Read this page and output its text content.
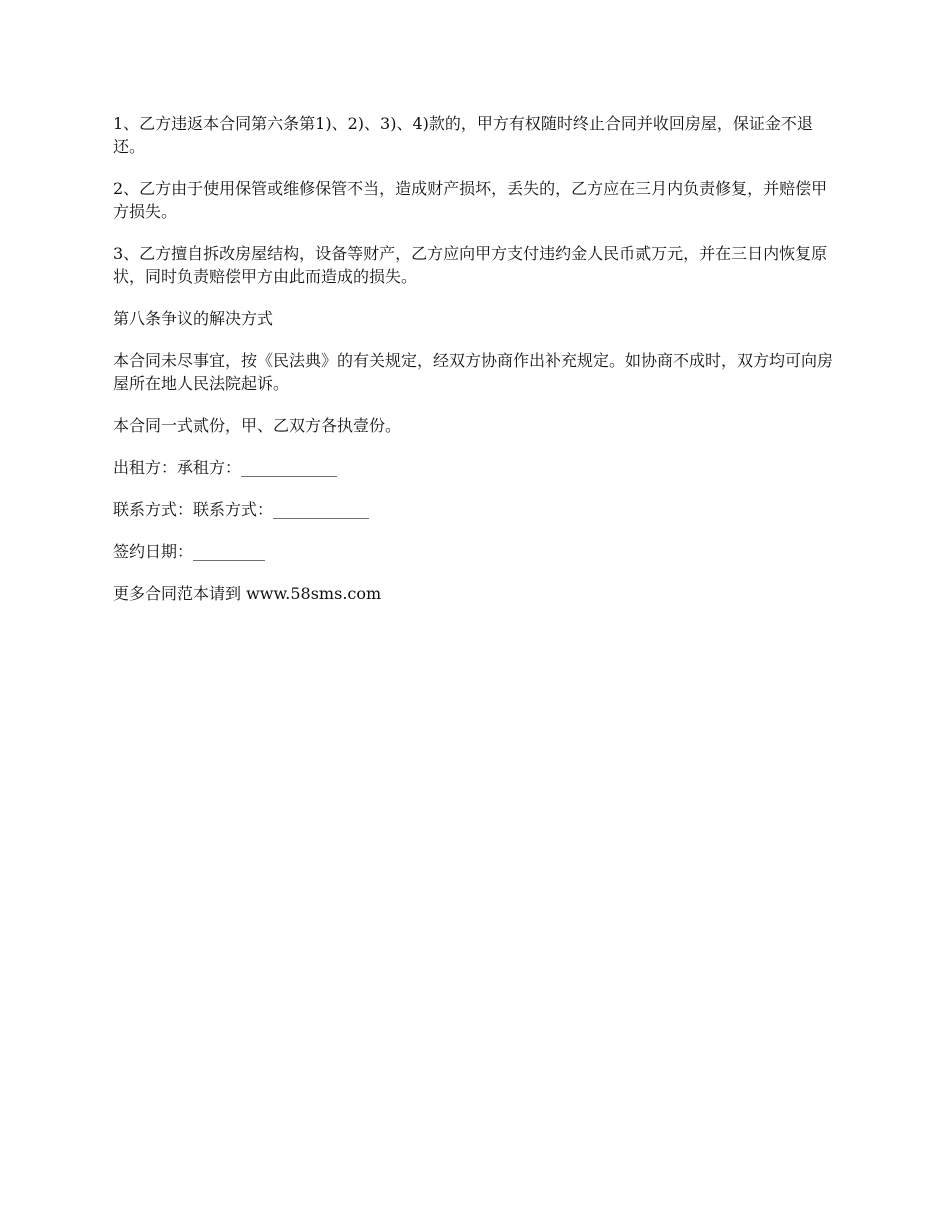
1、乙方违返本合同第六条第1)、2)、3)、4)款的，甲方有权随时终止合同并收回房屋，保证金不退还。

2、乙方由于使用保管或维修保管不当，造成财产损坏，丢失的，乙方应在三月内负责修复，并赔偿甲方损失。

3、乙方擅自拆改房屋结构，设备等财产，乙方应向甲方支付违约金人民币贰万元，并在三日内恢复原状，同时负责赔偿甲方由此而造成的损失。

第八条争议的解决方式

本合同未尽事宜，按《民法典》的有关规定，经双方协商作出补充规定。如协商不成时，双方均可向房屋所在地人民法院起诉。

本合同一式贰份，甲、乙双方各执壹份。

出租方：承租方：____________

联系方式：联系方式：____________

签约日期：_________

更多合同范本请到 www.58sms.com
